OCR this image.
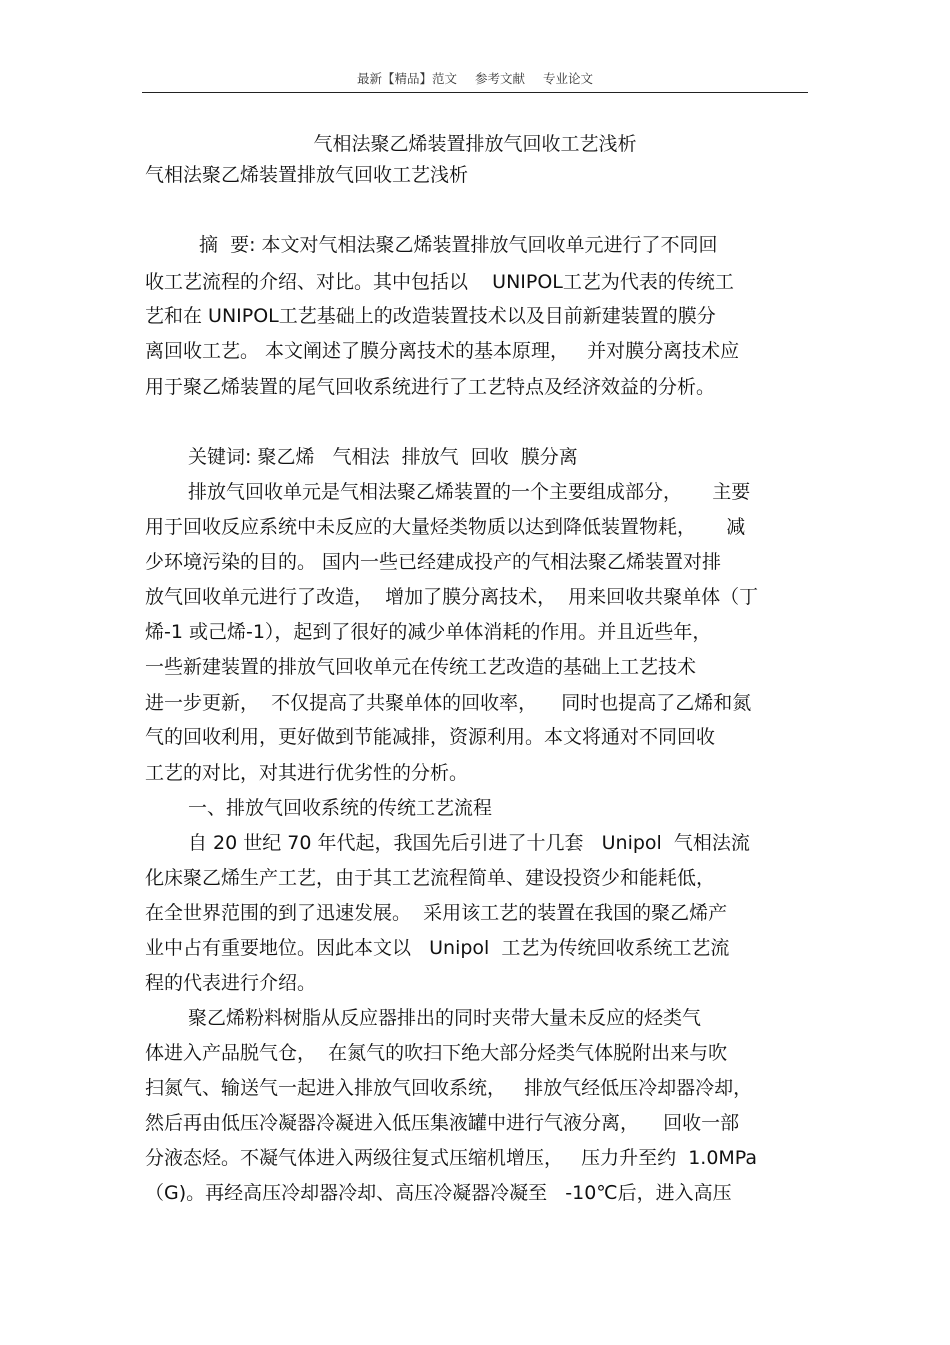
最新【精品】范文 参考文献 专业论文
气相法聚乙烯装置排放气回收工艺浅析
气相法聚乙烯装置排放气回收工艺浅析
摘  要: 本文对气相法聚乙烯装置排放气回收单元进行了不同回
收工艺流程的介绍、对比。其中包括以    UNIPOL工艺为代表的传统工
艺和在 UNIPOL工艺基础上的改造装置技术以及目前新建装置的膜分
离回收工艺。 本文阐述了膜分离技术的基本原理，   并对膜分离技术应
用于聚乙烯装置的尾气回收系统进行了工艺特点及经济效益的分析。
关键词: 聚乙烯   气相法  排放气  回收  膜分离
排放气回收单元是气相法聚乙烯装置的一个主要组成部分，     主要
用于回收反应系统中未反应的大量烃类物质以达到降低装置物耗，     减
少环境污染的目的。 国内一些已经建成投产的气相法聚乙烯装置对排
放气回收单元进行了改造，  增加了膜分离技术，  用来回收共聚单体（丁
烯-1 或己烯-1），起到了很好的减少单体消耗的作用。并且近些年，
一些新建装置的排放气回收单元在传统工艺改造的基础上工艺技术
进一步更新，  不仅提高了共聚单体的回收率，    同时也提高了乙烯和氮
气的回收利用，更好做到节能减排，资源利用。本文将通对不同回收
工艺的对比，对其进行优劣性的分析。
一、排放气回收系统的传统工艺流程
自 20 世纪 70 年代起，我国先后引进了十几套   Unipol  气相法流
化床聚乙烯生产工艺，由于其工艺流程简单、建设投资少和能耗低，
在全世界范围的到了迅速发展。  采用该工艺的装置在我国的聚乙烯产
业中占有重要地位。因此本文以   Unipol  工艺为传统回收系统工艺流
程的代表进行介绍。
聚乙烯粉料树脂从反应器排出的同时夹带大量未反应的烃类气
体进入产品脱气仓，  在氮气的吹扫下绝大部分烃类气体脱附出来与吹
扫氮气、输送气一起进入排放气回收系统，   排放气经低压冷却器冷却，
然后再由低压冷凝器冷凝进入低压集液罐中进行气液分离，    回收一部
分液态烃。不凝气体进入两级往复式压缩机增压，   压力升至约  1.0MPa
（G)。再经高压冷却器冷却、高压冷凝器冷凝至   -10℃后，进入高压
